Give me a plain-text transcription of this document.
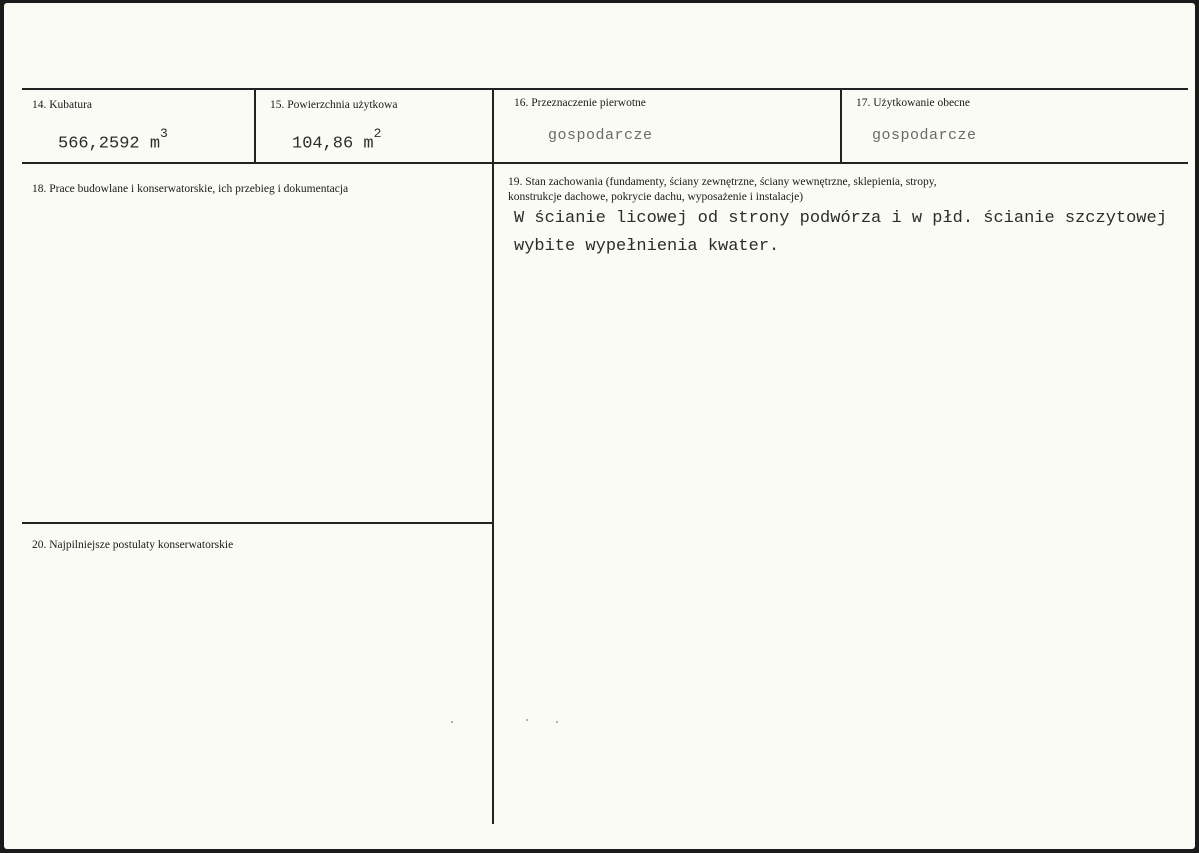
14. Kubatura
566,2592 $m^3$
15. Powierzchnia użytkowa
104,86 $m^2$
16. Przeznaczenie pierwotne
gospodarcze
17. Użytkowanie obecne
gospodarcze
18. Prace budowlane i konserwatorskie, ich przebieg i dokumentacja
19. Stan zachowania (fundamenty, ściany zewnętrzne, ściany wewnętrzne, sklepienia, stropy,
konstrukcje dachowe, pokrycie dachu, wyposażenie i instalacje)
W ścianie licowej od strony podwórza i w płd. ścianie szczytowej
wybite wypełnienia kwater.
20. Najpilniejsze postulaty konserwatorskie
